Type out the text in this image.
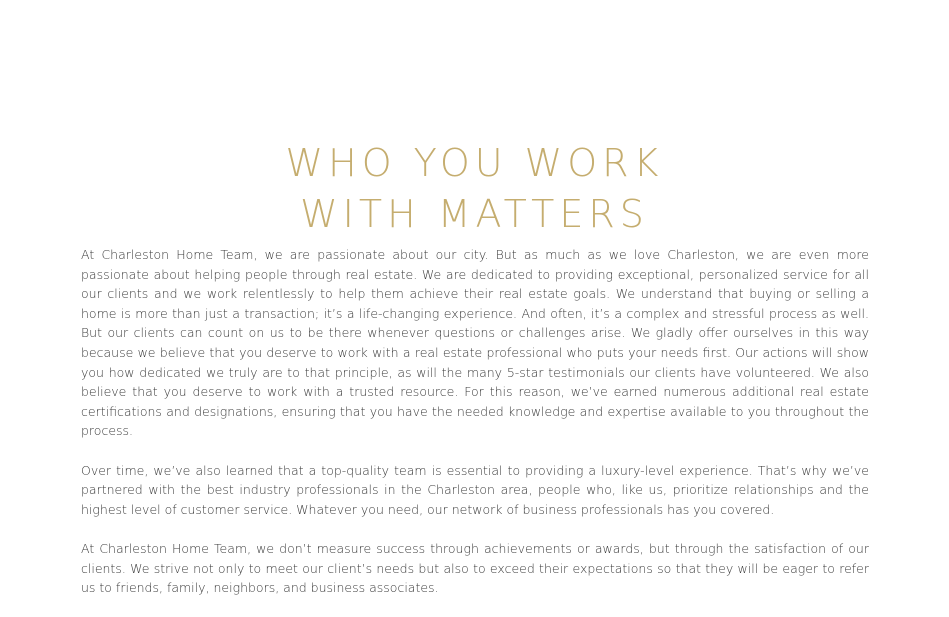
WHO YOU WORK
WITH MATTERS

At Charleston Home Team, we are passionate about our city. But as much as we love Charleston, we are even more passionate about helping people through real estate. We are dedicated to providing exceptional, personalized service for all our clients and we work relentlessly to help them achieve their real estate goals. We understand that buying or selling a home is more than just a transaction; it’s a life-changing experience. And often, it’s a complex and stressful process as well. But our clients can count on us to be there whenever questions or challenges arise. We gladly offer ourselves in this way because we believe that you deserve to work with a real estate professional who puts your needs first. Our actions will show you how dedicated we truly are to that principle, as will the many 5-star testimonials our clients have volunteered. We also believe that you deserve to work with a trusted resource. For this reason, we’ve earned numerous additional real estate certifications and designations, ensuring that you have the needed knowledge and expertise available to you throughout the process.

Over time, we’ve also learned that a top-quality team is essential to providing a luxury-level experience. That’s why we’ve partnered with the best industry professionals in the Charleston area, people who, like us, prioritize relationships and the highest level of customer service. Whatever you need, our network of business professionals has you covered.

At Charleston Home Team, we don’t measure success through achievements or awards, but through the satisfaction of our clients. We strive not only to meet our client’s needs but also to exceed their expectations so that they will be eager to refer us to friends, family, neighbors, and business associates.
